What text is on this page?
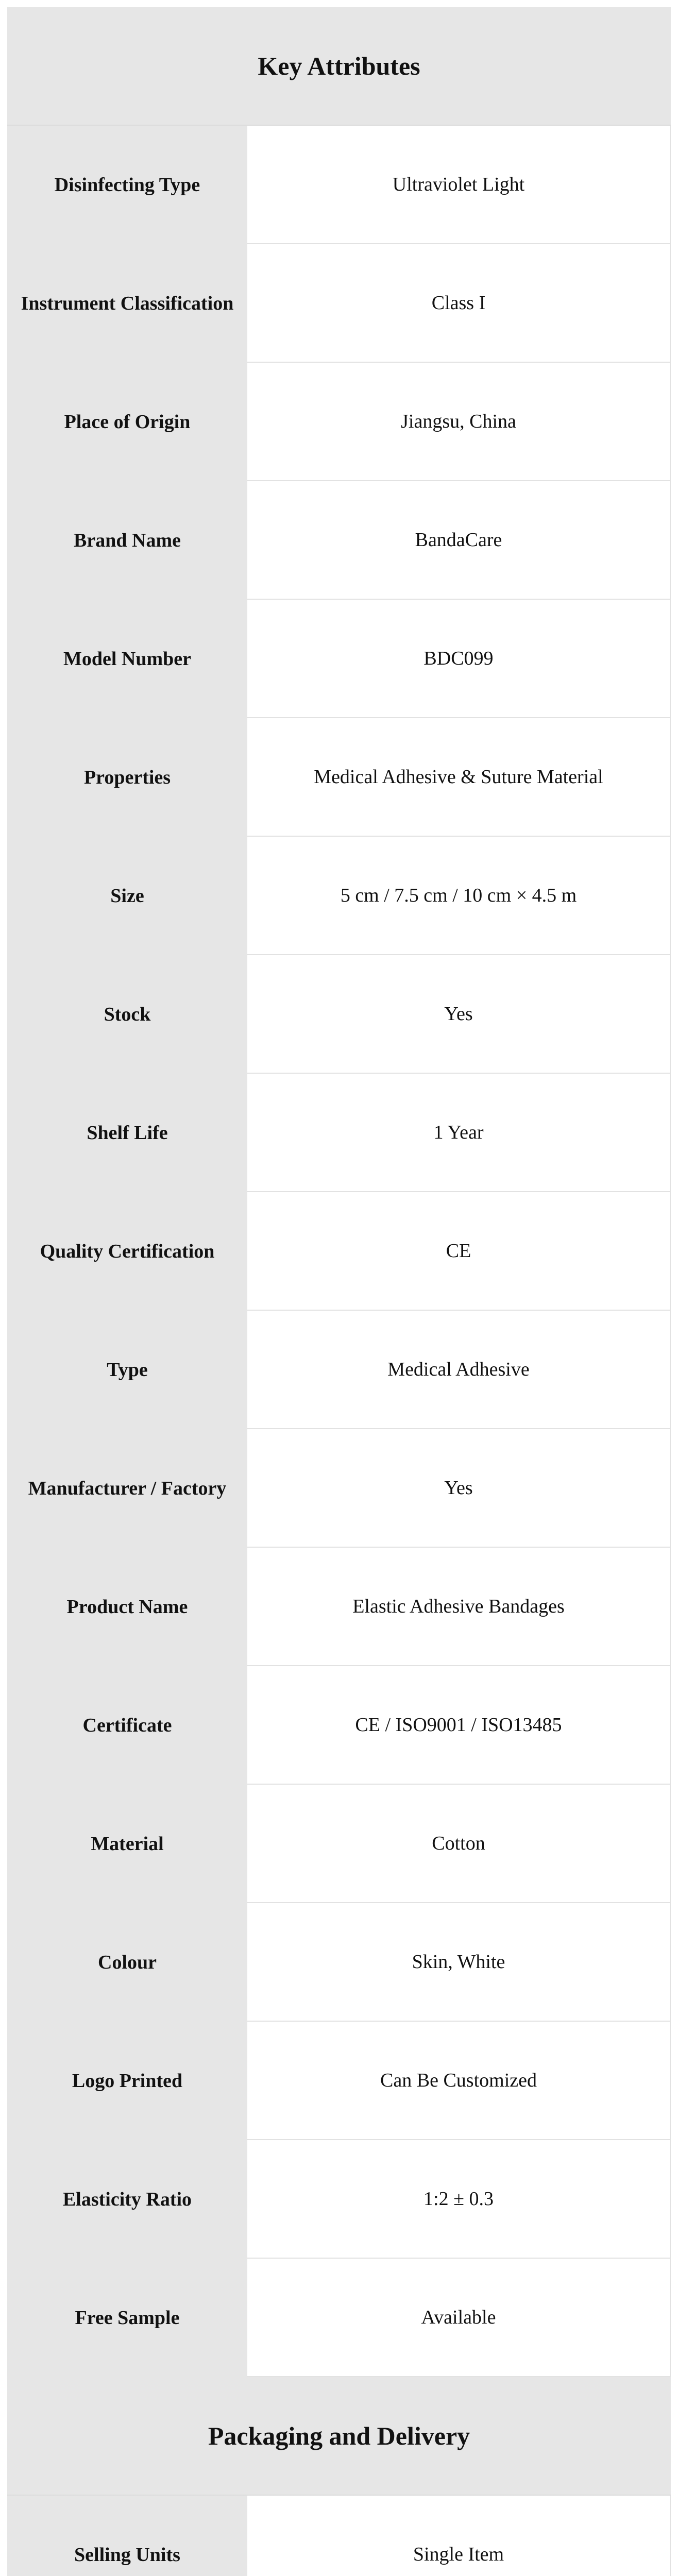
Key Attributes
Disinfecting Type	Ultraviolet Light
Instrument Classification	Class I
Place of Origin	Jiangsu, China
Brand Name	BandaCare
Model Number	BDC099
Properties	Medical Adhesive & Suture Material
Size	5 cm / 7.5 cm / 10 cm × 4.5 m
Stock	Yes
Shelf Life	1 Year
Quality Certification	CE
Type	Medical Adhesive
Manufacturer / Factory	Yes
Product Name	Elastic Adhesive Bandages
Certificate	CE / ISO9001 / ISO13485
Material	Cotton
Colour	Skin, White
Logo Printed	Can Be Customized
Elasticity Ratio	1:2 ± 0.3
Free Sample	Available
Packaging and Delivery
Selling Units	Single Item
